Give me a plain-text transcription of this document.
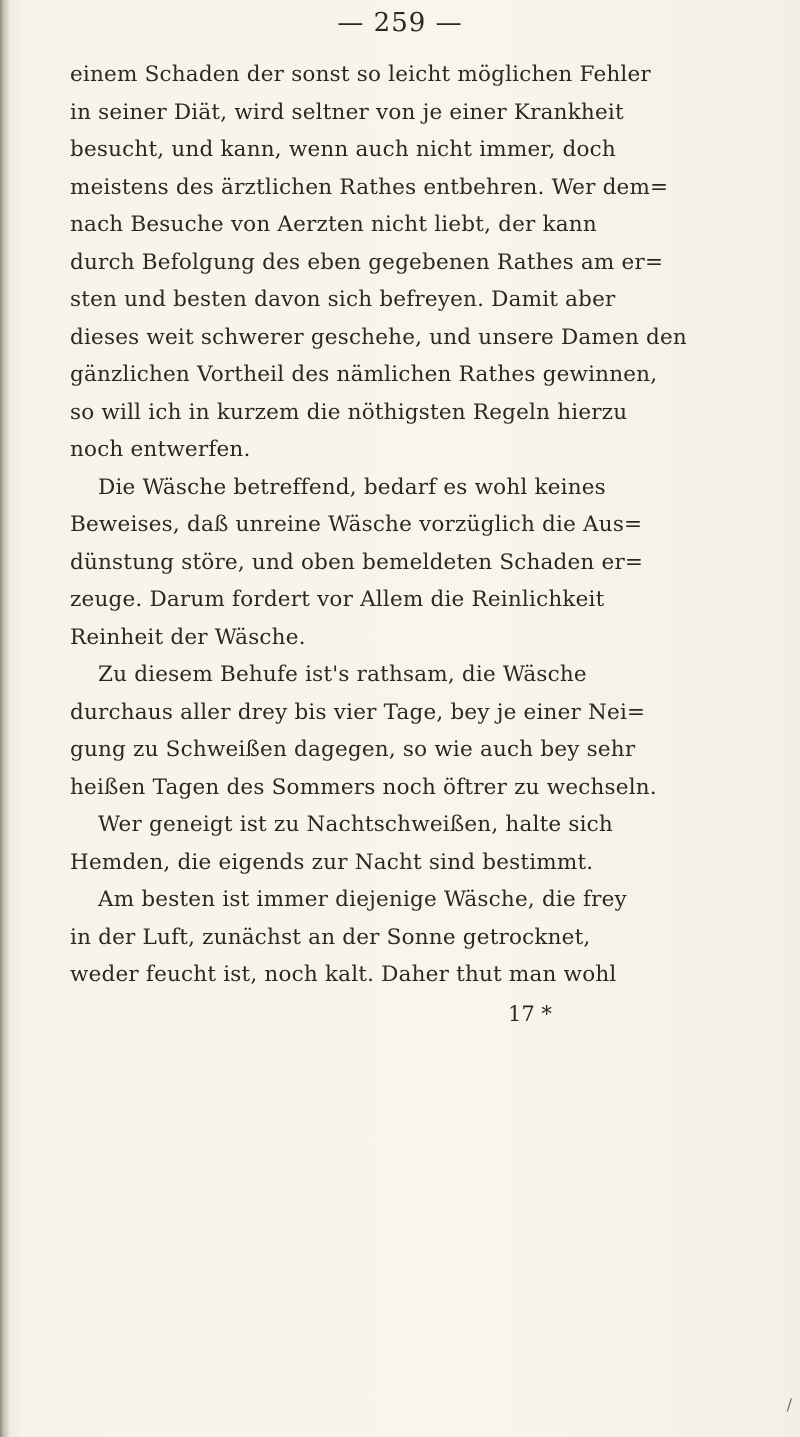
— 259 —
einem Schaden der sonst so leicht möglichen Fehler
in seiner Diät, wird seltner von je einer Krankheit
besucht, und kann, wenn auch nicht immer, doch
meistens des ärztlichen Rathes entbehren. Wer dem=
nach Besuche von Aerzten nicht liebt, der kann
durch Befolgung des eben gegebenen Rathes am er=
sten und besten davon sich befreyen. Damit aber
dieses weit schwerer geschehe, und unsere Damen den
gänzlichen Vortheil des nämlichen Rathes gewinnen,
so will ich in kurzem die nöthigsten Regeln hierzu
noch entwerfen.
Die Wäsche betreffend, bedarf es wohl keines
Beweises, daß unreine Wäsche vorzüglich die Aus=
dünstung störe, und oben bemeldeten Schaden er=
zeuge. Darum fordert vor Allem die Reinlichkeit
Reinheit der Wäsche.
Zu diesem Behufe ist's rathsam, die Wäsche
durchaus aller drey bis vier Tage, bey je einer Nei=
gung zu Schweißen dagegen, so wie auch bey sehr
heißen Tagen des Sommers noch öftrer zu wechseln.
Wer geneigt ist zu Nachtschweißen, halte sich
Hemden, die eigends zur Nacht sind bestimmt.
Am besten ist immer diejenige Wäsche, die frey
in der Luft, zunächst an der Sonne getrocknet,
weder feucht ist, noch kalt. Daher thut man wohl
17 *
/
